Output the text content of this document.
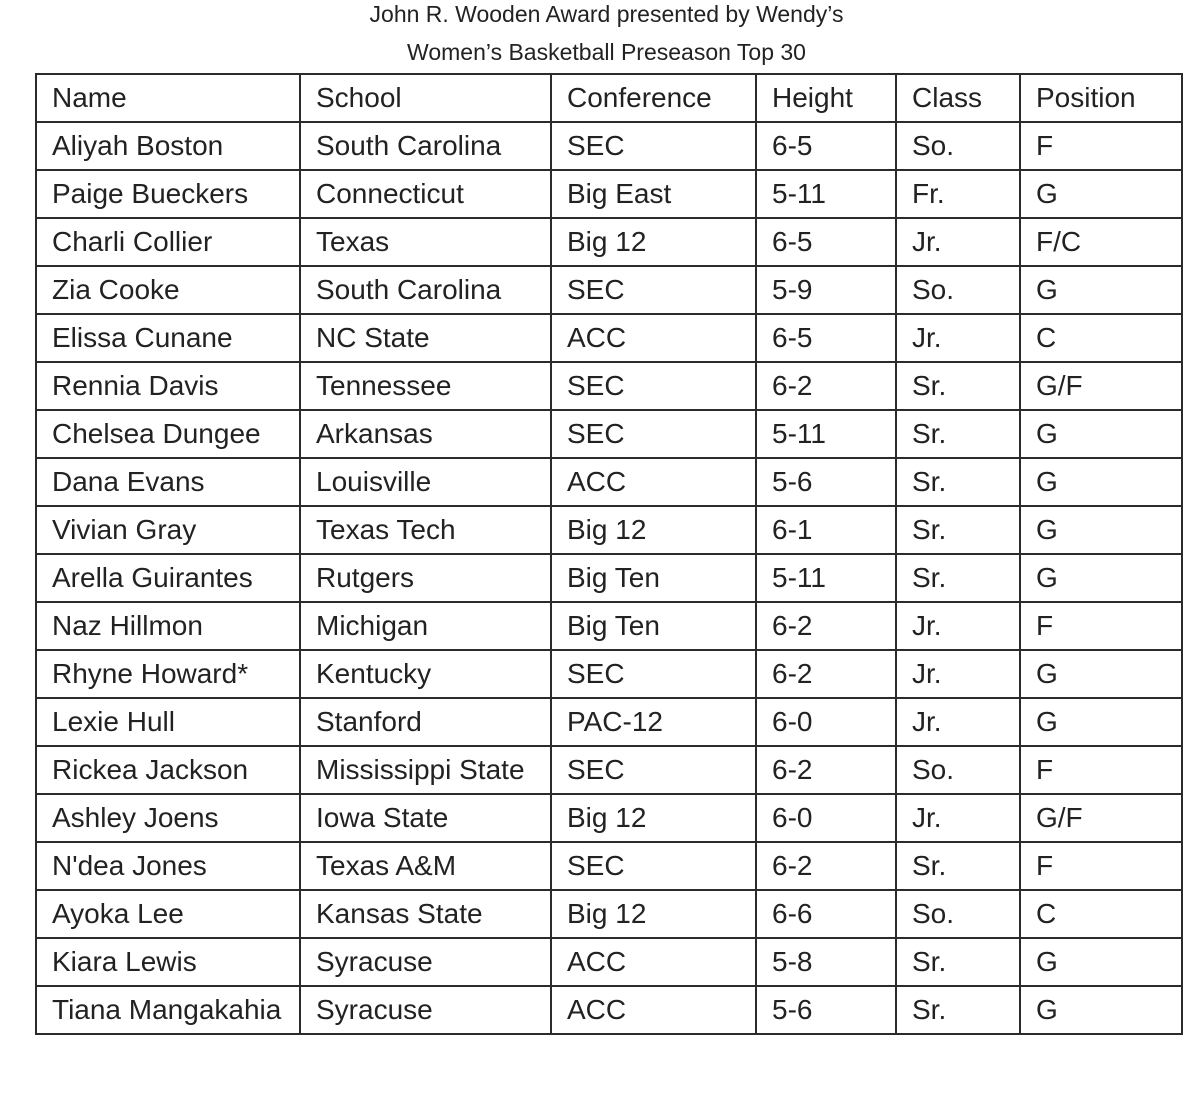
John R. Wooden Award presented by Wendy’s
Women’s Basketball Preseason Top 30
Name	School	Conference	Height	Class	Position
Aliyah Boston	South Carolina	SEC	6-5	So.	F
Paige Bueckers	Connecticut	Big East	5-11	Fr.	G
Charli Collier	Texas	Big 12	6-5	Jr.	F/C
Zia Cooke	South Carolina	SEC	5-9	So.	G
Elissa Cunane	NC State	ACC	6-5	Jr.	C
Rennia Davis	Tennessee	SEC	6-2	Sr.	G/F
Chelsea Dungee	Arkansas	SEC	5-11	Sr.	G
Dana Evans	Louisville	ACC	5-6	Sr.	G
Vivian Gray	Texas Tech	Big 12	6-1	Sr.	G
Arella Guirantes	Rutgers	Big Ten	5-11	Sr.	G
Naz Hillmon	Michigan	Big Ten	6-2	Jr.	F
Rhyne Howard*	Kentucky	SEC	6-2	Jr.	G
Lexie Hull	Stanford	PAC-12	6-0	Jr.	G
Rickea Jackson	Mississippi State	SEC	6-2	So.	F
Ashley Joens	Iowa State	Big 12	6-0	Jr.	G/F
N'dea Jones	Texas A&M	SEC	6-2	Sr.	F
Ayoka Lee	Kansas State	Big 12	6-6	So.	C
Kiara Lewis	Syracuse	ACC	5-8	Sr.	G
Tiana Mangakahia	Syracuse	ACC	5-6	Sr.	G
